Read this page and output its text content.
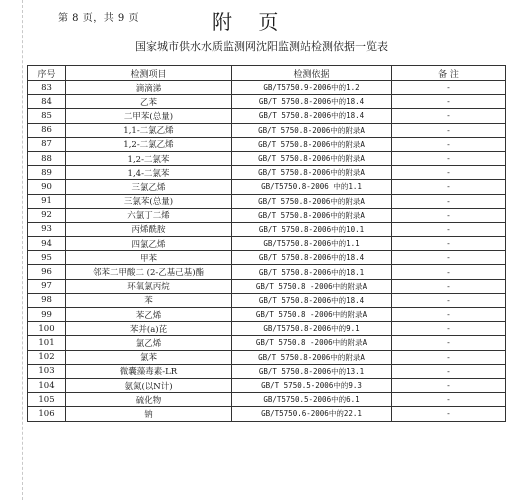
第 8 页，共 9 页	附 页
国家城市供水水质监测网沈阳监测站检测依据一览表
序号	检测项目	检测依据	备 注
83	滴滴涕	GB/T5750.9-2006中的1.2	-
84	乙苯	GB/T 5750.8-2006中的18.4	-
85	二甲苯(总量)	GB/T 5750.8-2006中的18.4	-
86	1,1-二氯乙烯	GB/T 5750.8-2006中的附录A	-
87	1,2-二氯乙烯	GB/T 5750.8-2006中的附录A	-
88	1,2-二氯苯	GB/T 5750.8-2006中的附录A	-
89	1,4-二氯苯	GB/T 5750.8-2006中的附录A	-
90	三氯乙烯	GB/T5750.8-2006 中的1.1	-
91	三氯苯(总量)	GB/T 5750.8-2006中的附录A	-
92	六氯丁二烯	GB/T 5750.8-2006中的附录A	-
93	丙烯酰胺	GB/T 5750.8-2006中的10.1	-
94	四氯乙烯	GB/T5750.8-2006中的1.1	-
95	甲苯	GB/T 5750.8-2006中的18.4	-
96	邻苯二甲酸二 (2-乙基己基)酯	GB/T 5750.8-2006中的18.1	-
97	环氧氯丙烷	GB/T 5750.8 -2006中的附录A	-
98	苯	GB/T 5750.8-2006中的18.4	-
99	苯乙烯	GB/T 5750.8 -2006中的附录A	-
100	苯并(a)芘	GB/T5750.8-2006中的9.1	-
101	氯乙烯	GB/T 5750.8 -2006中的附录A	-
102	氯苯	GB/T 5750.8-2006中的附录A	-
103	微囊藻毒素-LR	GB/T 5750.8-2006中的13.1	-
104	氨氮(以N计)	GB/T 5750.5-2006中的9.3	-
105	硫化物	GB/T5750.5-2006中的6.1	-
106	钠	GB/T5750.6-2006中的22.1	-
